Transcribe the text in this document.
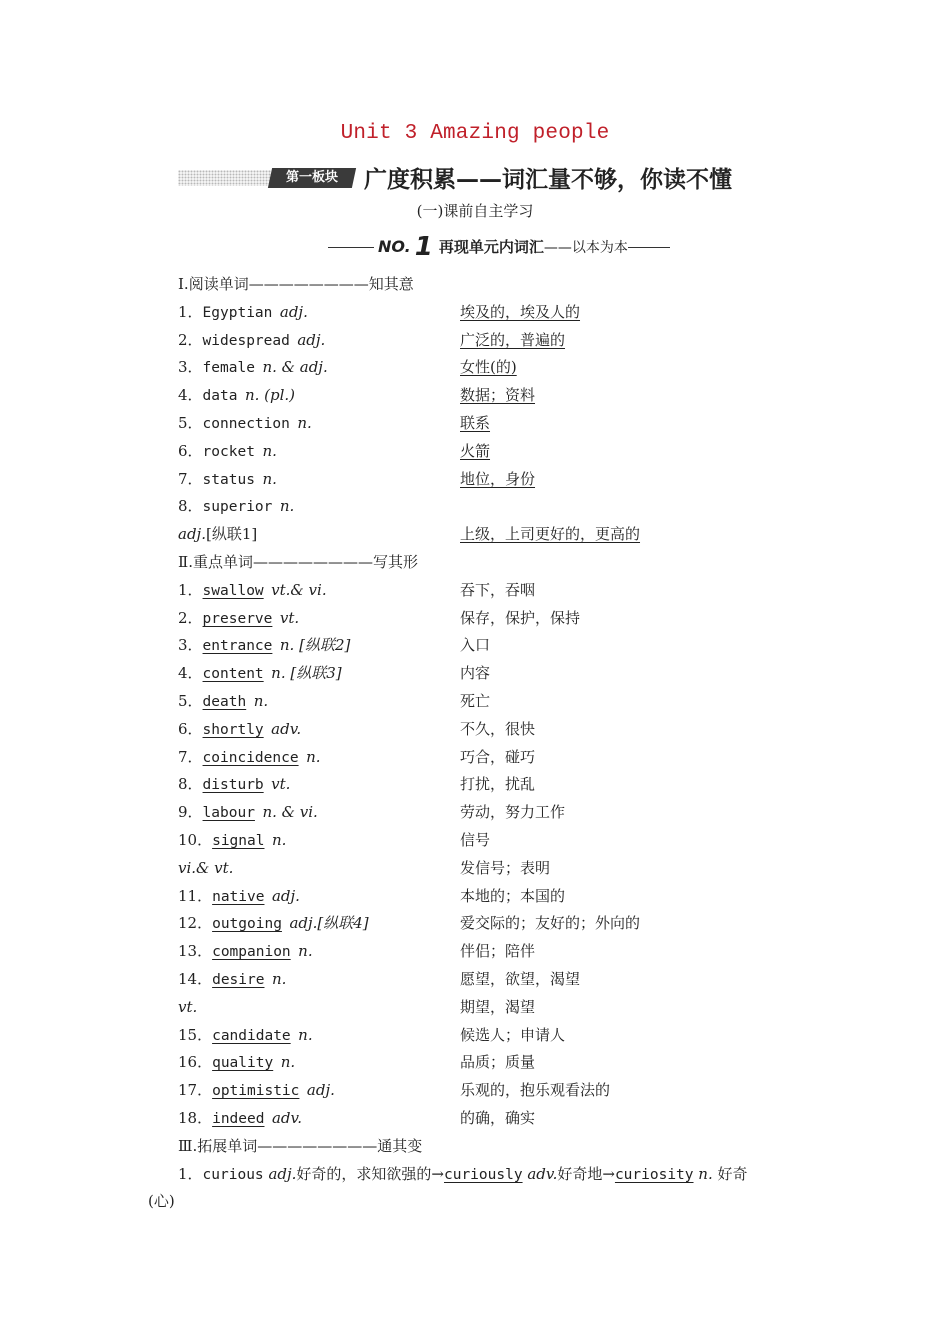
Unit 3 Amazing people
第一板块	广度积累——词汇量不够，你读不懂
(一)课前自主学习
NO. 1 再现单元内词汇——以本为本
Ⅰ.阅读单词————————知其意
1．Egyptian  adj.	埃及的，埃及人的
2．widespread  adj.	广泛的，普遍的
3．female  n. & adj.	女性(的)
4．data  n. (pl.)	数据；资料
5．connection  n.	联系
6．rocket  n.	火箭
7．status  n.	地位，身份
8．superior  n.
adj.[纵联1]	上级，上司更好的，更高的
Ⅱ.重点单词————————写其形
1．swallow  vt.& vi.	吞下，吞咽
2．preserve  vt.	保存，保护，保持
3．entrance  n. [纵联2]	入口
4．content  n. [纵联3]	内容
5．death  n.	死亡
6．shortly  adv.	不久，很快
7．coincidence  n.	巧合，碰巧
8．disturb  vt.	打扰，扰乱
9．labour  n. & vi.	劳动，努力工作
10．signal  n.	信号
vi.& vt.	发信号；表明
11．native  adj.	本地的；本国的
12．outgoing  adj.[纵联4]	爱交际的；友好的；外向的
13．companion  n.	伴侣；陪伴
14．desire  n.	愿望，欲望，渴望
vt.	期望，渴望
15．candidate  n.	候选人；申请人
16．quality  n.	品质；质量
17．optimistic  adj.	乐观的，抱乐观看法的
18．indeed  adv.	的确，确实
Ⅲ.拓展单词————————通其变
1．curious adj.好奇的，求知欲强的→curiously adv.好奇地→curiosity n. 好奇
(心)
